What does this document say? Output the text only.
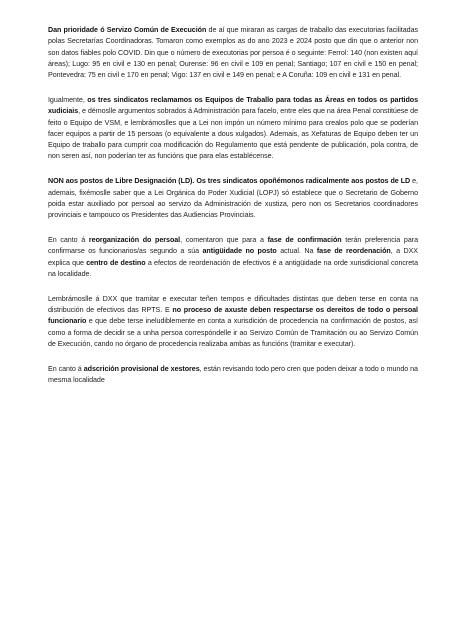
Dan prioridade ó Servizo Común de Execución de aí que miraran as cargas de traballo das executorias facilitadas polas Secretarías Coordinadoras. Tomaron como exemplos as do ano 2023 e 2024 posto que din que o anterior non son datos fiables polo COVID. Din que o número de executorias por persoa é o seguinte: Ferrol: 140 (non existen aquí áreas); Lugo: 95 en civil e 130 en penal; Ourense: 96 en civil e 109 en penal; Santiago; 107 en civil e 150 en penal; Pontevedra: 75 en civil e 170 en penal; Vigo: 137 en civil e 149 en penal; e A Coruña: 109 en civil e 131 en penal.

Igualmente, os tres sindicatos reclamamos os Equipos de Traballo para todas as Áreas en todos os partidos xudiciais, e démoslle argumentos sobrados á Administración para facelo, entre eles que na área Penal constitúese de feito o Equipo de VSM, e lembrámoslles que a Lei non impón un número mínimo para crealos polo que se poderían facer equipos a partir de 15 persoas (o equivalente a dous xulgados). Ademais, as Xefaturas de Equipo deben ter un Equipo de traballo para cumprir coa modificación do Regulamento que está pendente de publicación, pola contra, de non seren así, non poderían ter as funcións que para elas establécense.

NON aos postos de Libre Designación (LD). Os tres sindicatos opoñémonos radicalmente aos postos de LD e, ademais, fixémoslle saber que a Lei Orgánica do Poder Xudicial (LOPJ) só establece que o Secretario de Goberno poida estar auxiliado por persoal ao servizo da Administración de xustiza, pero non os Secretarios coordinadores provinciais e tampouco os Presidentes das Audiencias Provinciais.

En canto á reorganización do persoal, comentaron que para a fase de confirmación terán preferencia para confirmarse os funcionarios/as segundo a súa antigüidade no posto actual. Na fase de reordenación, a DXX explica que centro de destino a efectos de reordenación de efectivos é a antigüidade na orde xurisdicional concreta na localidade.

Lembrámoslle á DXX que tramitar e executar teñen tempos e dificultades distintas que deben terse en conta na distribución de efectivos das RPTS. E no proceso de axuste deben respectarse os dereitos de todo o persoal funcionario e que debe terse ineludiblemente en conta a xurisdición de procedencia na confirmación de postos, así como a forma de decidir se a unha persoa correspóndelle ir ao Servizo Común de Tramitación ou ao Servizo Común de Execución, cando no órgano de procedencia realizaba ambas as funcións (tramitar e executar).

En canto á adscrición provisional de xestores, están revisando todo pero cren que poden deixar a todo o mundo na mesma localidade
